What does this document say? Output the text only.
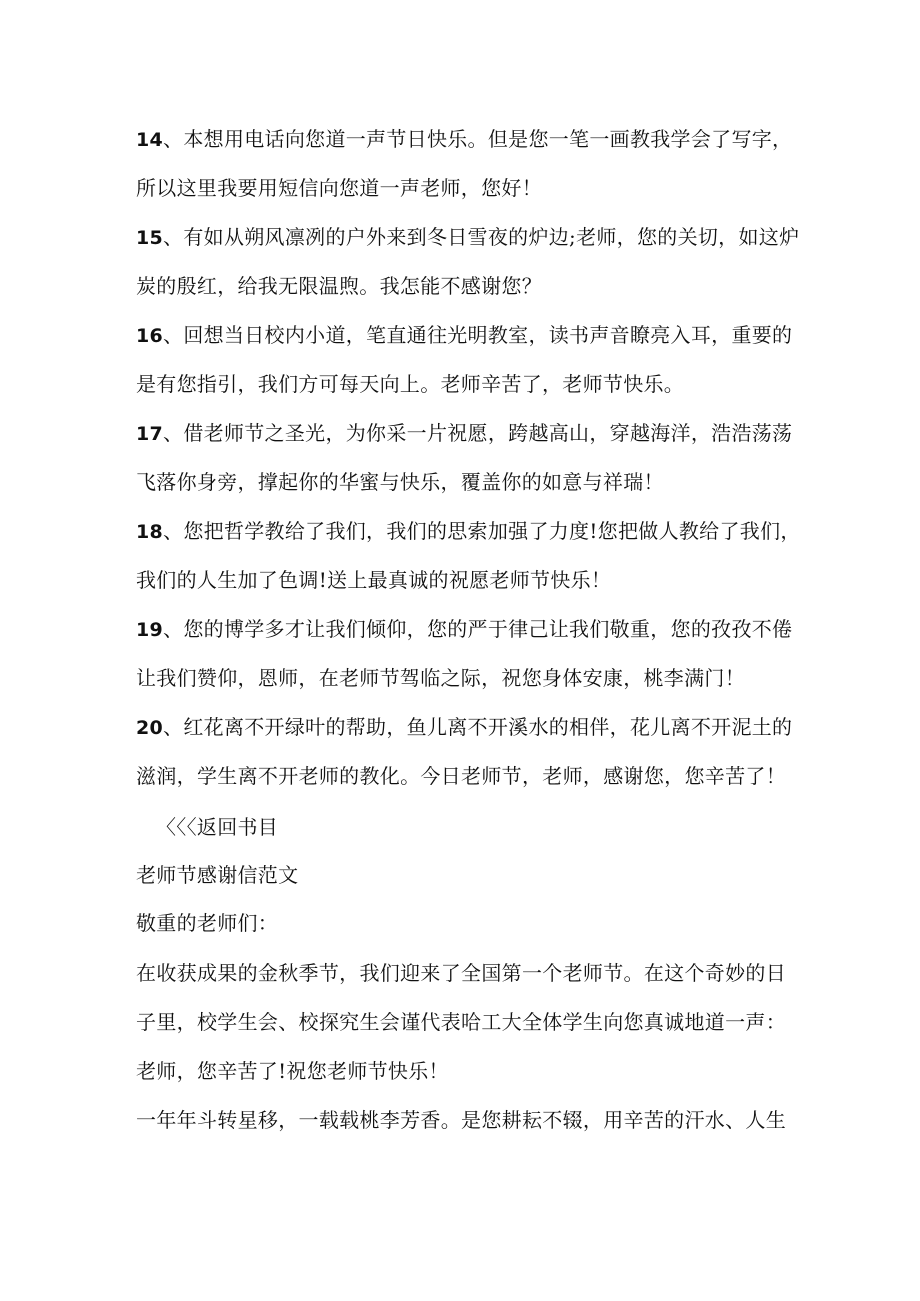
14、本想用电话向您道一声节日快乐。但是您一笔一画教我学会了写字，
所以这里我要用短信向您道一声老师，您好！
15、有如从朔风凛冽的户外来到冬日雪夜的炉边;老师，您的关切，如这炉
炭的殷红，给我无限温煦。我怎能不感谢您？
16、回想当日校内小道，笔直通往光明教室，读书声音瞭亮入耳，重要的
是有您指引，我们方可每天向上。老师辛苦了，老师节快乐。
17、借老师节之圣光，为你采一片祝愿，跨越高山，穿越海洋，浩浩荡荡
飞落你身旁，撑起你的华蜜与快乐，覆盖你的如意与祥瑞！
18、您把哲学教给了我们，我们的思索加强了力度!您把做人教给了我们，
我们的人生加了色调!送上最真诚的祝愿老师节快乐！
19、您的博学多才让我们倾仰，您的严于律己让我们敬重，您的孜孜不倦
让我们赞仰，恩师，在老师节驾临之际，祝您身体安康，桃李满门！
20、红花离不开绿叶的帮助，鱼儿离不开溪水的相伴，花儿离不开泥土的
滋润，学生离不开老师的教化。今日老师节，老师，感谢您，您辛苦了！
〈〈〈返回书目
老师节感谢信范文
敬重的老师们：
在收获成果的金秋季节，我们迎来了全国第一个老师节。在这个奇妙的日
子里，校学生会、校探究生会谨代表哈工大全体学生向您真诚地道一声：
老师，您辛苦了!祝您老师节快乐！
一年年斗转星移，一载载桃李芳香。是您耕耘不辍，用辛苦的汗水、人生
